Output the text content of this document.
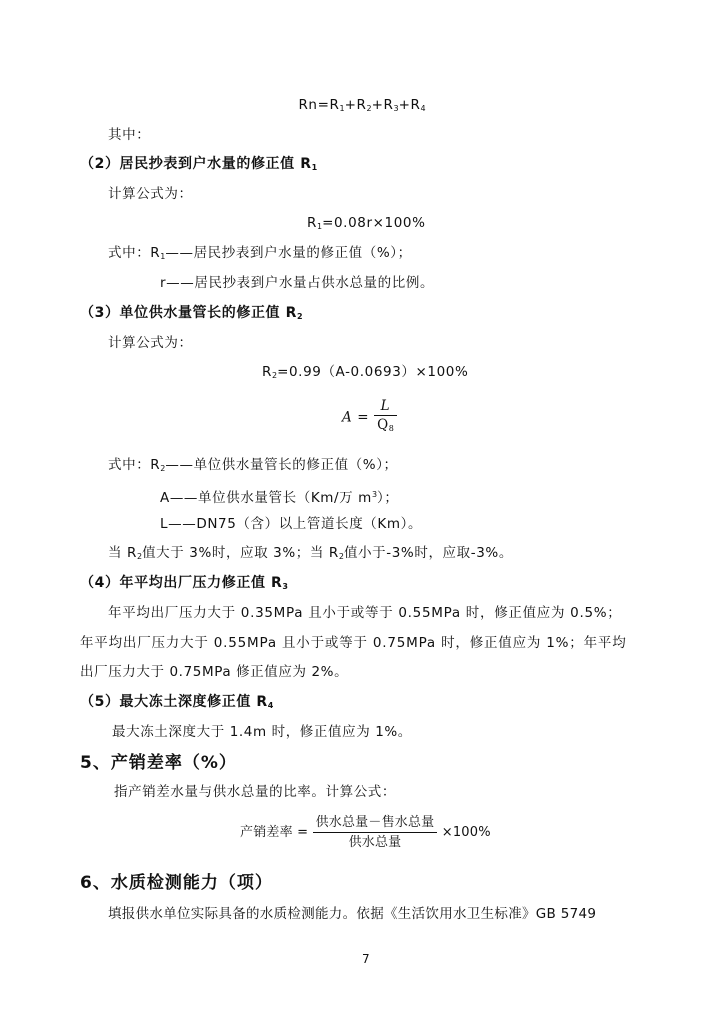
$Rn=R_1+R_2+R_3+R_4$
其中：
（2）居民抄表到户水量的修正值 $R_1$
计算公式为：
$R_1=0.08r\times 100\%$
式中：$R_1——$居民抄表到户水量的修正值（%）；
r——居民抄表到户水量占供水总量的比例。
（3）单位供水量管长的修正值 $R_2$
计算公式为：
$R_2=0.99(A-0.0693)\times 100\%$
$A = \frac{L}{Q_8}$
式中：$R_2——$单位供水量管长的修正值（%）；
A——单位供水量管长（Km/万 $m^3$）；
L——DN75（含）以上管道长度（Km）。
当 $R_2$值大于 3%时，应取 3%；当 $R_2$值小于-3%时，应取-3%。
（4）年平均出厂压力修正值 $R_3$
年平均出厂压力大于 0.35MPa 且小于或等于 0.55MPa 时，修正值应为 0.5%；
年平均出厂压力大于 0.55MPa 且小于或等于 0.75MPa 时，修正值应为 1%；年平均
出厂压力大于 0.75MPa 修正值应为 2%。
（5）最大冻土深度修正值 $R_4$
最大冻土深度大于 1.4m 时，修正值应为 1%。
5、产销差率（%）
指产销差水量与供水总量的比率。计算公式：
产销差率 = $\frac{\text{供水总量－售水总量}}{\text{供水总量}} \times 100\%$
6、水质检测能力（项）
填报供水单位实际具备的水质检测能力。依据《生活饮用水卫生标准》GB 5749
7
